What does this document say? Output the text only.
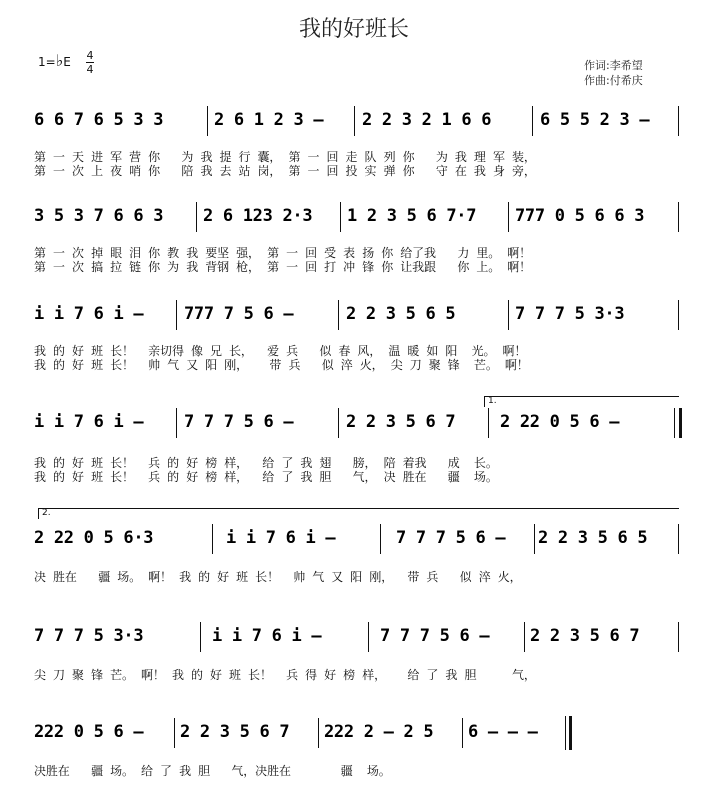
我的好班长
1=♭E 4
4	作词:李希望
作曲:付希庆
6 6 7 6 5 3 3	2 6 1 2 3 – 2 2 3 2 1 6 6	6 5 5 2 3 –
第 一 天 进 军 营 你   为 我 提 行 囊， 第 一 回 走 队 列 你   为 我 理 军 装，
第 一 次 上 夜 哨 你   陪 我 去 站 岗， 第 一 回 投 实 弹 你   守 在 我 身 旁，
3 5 3 7 6 6 3 2 6 123 2·3 1 2 3 5 6 7·7 777 0 5 6 6 3
第 一 次 掉 眼 泪 你 教 我 要坚 强， 第 一 回 受 表 扬 你 给了我   力 里。 啊！
第 一 次 搞 拉 链 你 为 我 背钢 枪， 第 一 回 打 冲 锋 你 让我跟   你 上。 啊！
i i 7 6 i – 777 7 5 6 –	2 2 3 5 6 5	7 7 7 5 3·3
我 的 好 班 长！  亲切得 像 兄 长，  爱 兵   似 春 风， 温 暖 如 阳  光。 啊！
我 的 好 班 长！  帅 气 又 阳 刚，   带 兵   似 淬 火， 尖 刀 聚 锋  芒。 啊！
1.
i i 7 6 i – 7 7 7 5 6 –	2 2 3 5 6 7	2 22 0 5 6 –
我 的 好 班 长！  兵 的 好 榜 样，  给 了 我 翅   膀， 陪 着我   成  长。
我 的 好 班 长！  兵 的 好 榜 样，  给 了 我 胆   气， 决 胜在   疆  场。
2.
2 22 0 5 6·3	i i 7 6 i –	7 7 7 5 6 – 2 2 3 5 6 5
决 胜在   疆 场。 啊！ 我 的 好 班 长！  帅 气 又 阳 刚，  带 兵   似 淬 火，
7 7 7 5 3·3	i i 7 6 i –	7 7 7 5 6 – 2 2 3 5 6 7
尖 刀 聚 锋 芒。 啊！ 我 的 好 班 长！  兵 得 好 榜 样，   给 了 我 胆     气，
222 0 5 6 – 2 2 3 5 6 7 222 2 – 2 5 6 – – –
决胜在   疆 场。 给 了 我 胆   气，决胜在       疆  场。
